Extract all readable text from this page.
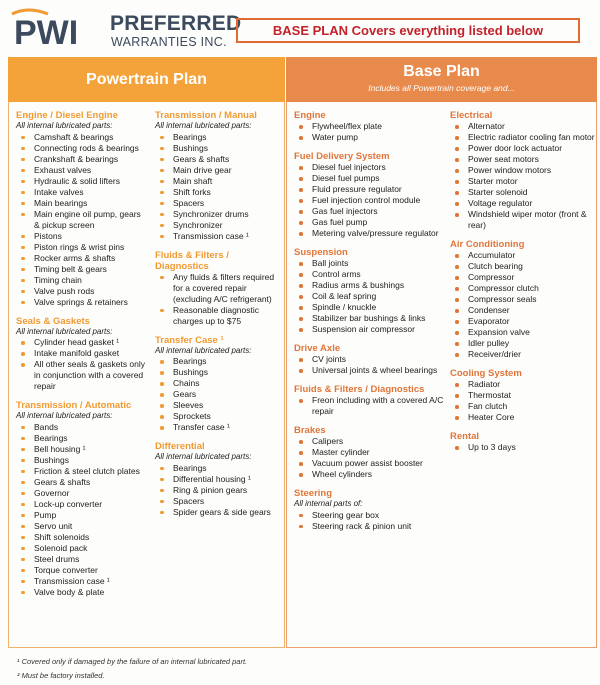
PWI PREFERRED
WARRANTIES INC.
BASE PLAN Covers everything listed below
Powertrain Plan	Base Plan
Includes all Powertrain coverage and...
Engine / Diesel Engine
All internal lubricated parts:
Camshaft & bearings
Connecting rods & bearings
Crankshaft & bearings
Exhaust valves
Hydraulic & solid lifters
Intake valves
Main bearings
Main engine oil pump, gears & pickup screen
Pistons
Piston rings & wrist pins
Rocker arms & shafts
Timing belt & gears
Timing chain
Valve push rods
Valve springs & retainers
Seals & Gaskets
All internal lubricated parts:
Cylinder head gasket ¹
Intake manifold gasket
All other seals & gaskets only in conjunction with a covered repair
Transmission / Automatic
All internal lubricated parts:
Bands
Bearings
Bell housing ¹
Bushings
Friction & steel clutch plates
Gears & shafts
Governor
Lock-up converter
Pump
Servo unit
Shift solenoids
Solenoid pack
Steel drums
Torque converter
Transmission case ¹
Valve body & plate
Transmission / Manual
All internal lubricated parts:
Bearings
Bushings
Gears & shafts
Main drive gear
Main shaft
Shift forks
Spacers
Synchronizer drums
Synchronizer
Transmission case ¹
Fluids & Filters / Diagnostics
Any fluids & filters required for a covered repair (excluding A/C refrigerant)
Reasonable diagnostic charges up to $75
Transfer Case ¹
All internal lubricated parts:
Bearings
Bushings
Chains
Gears
Sleeves
Sprockets
Transfer case ¹
Differential
All internal lubricated parts:
Bearings
Differential housing ¹
Ring & pinion gears
Spacers
Spider gears & side gears
Engine
Flywheel/flex plate
Water pump
Fuel Delivery System
Diesel fuel injectors
Diesel fuel pumps
Fluid pressure regulator
Fuel injection control module
Gas fuel injectors
Gas fuel pump
Metering valve/pressure regulator
Suspension
Ball joints
Control arms
Radius arms & bushings
Coil & leaf spring
Spindle / knuckle
Stabilizer bar bushings & links
Suspension air compressor
Drive Axle
CV joints
Universal joints & wheel bearings
Fluids & Filters / Diagnostics
Freon including with a covered A/C repair
Brakes
Calipers
Master cylinder
Vacuum power assist booster
Wheel cylinders
Steering
All internal parts of:
Steering gear box
Steering rack & pinion unit
Electrical
Alternator
Electric radiator cooling fan motor
Power door lock actuator
Power seat motors
Power window motors
Starter motor
Starter solenoid
Voltage regulator
Windshield wiper motor (front & rear)
Air Conditioning
Accumulator
Clutch bearing
Compressor
Compressor clutch
Compressor seals
Condenser
Evaporator
Expansion valve
Idler pulley
Receiver/drier
Cooling System
Radiator
Thermostat
Fan clutch
Heater Core
Rental
Up to 3 days
¹ Covered only if damaged by the failure of an internal lubricated part.
² Must be factory installed.
